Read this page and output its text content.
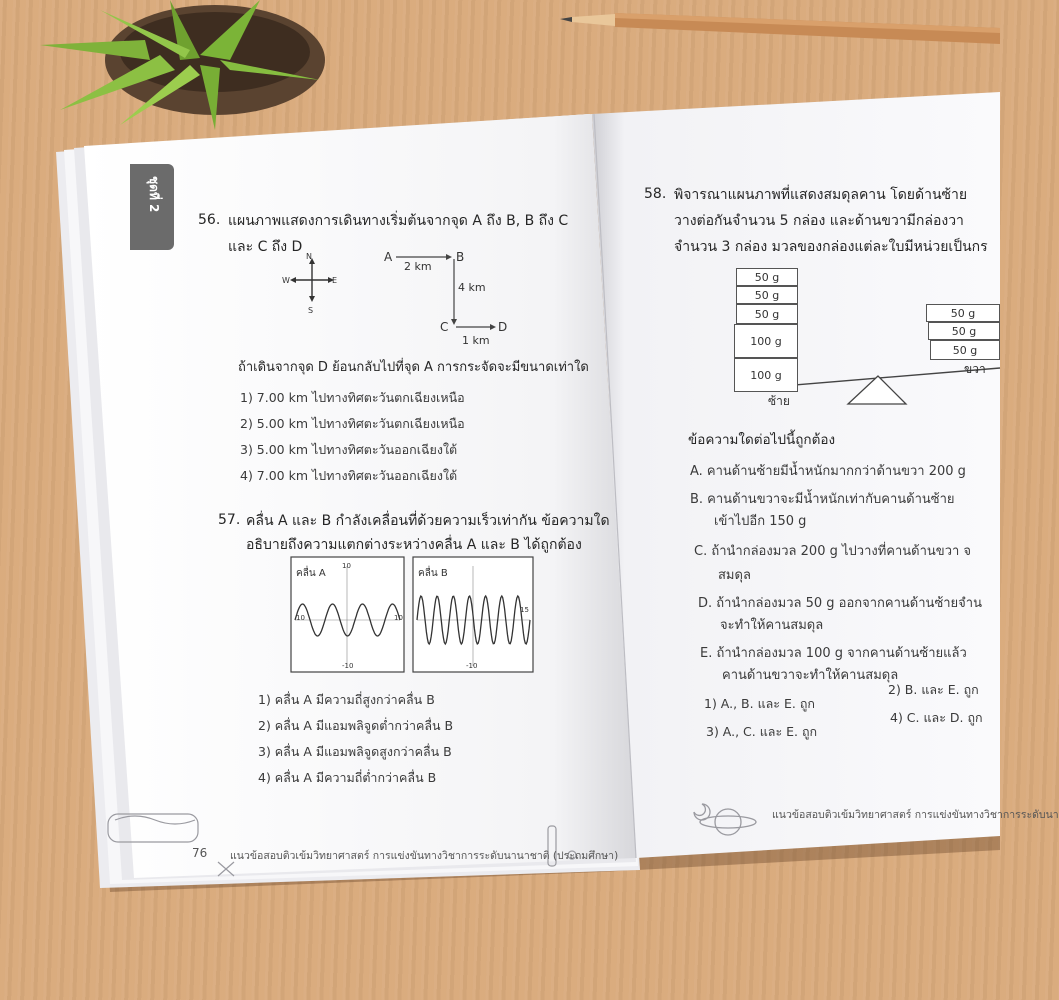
ชุดที่ 2
56. แผนภาพแสดงการเดินทางเริ่มต้นจากจุด A ถึง B, B ถึง C
และ C ถึง D
N
S
E
W
A	B
C	D
2 km
4 km
1 km
ถ้าเดินจากจุด D ย้อนกลับไปที่จุด A การกระจัดจะมีขนาดเท่าใด
1) 7.00 km ไปทางทิศตะวันตกเฉียงเหนือ
2) 5.00 km ไปทางทิศตะวันตกเฉียงเหนือ
3) 5.00 km ไปทางทิศตะวันออกเฉียงใต้
4) 7.00 km ไปทางทิศตะวันออกเฉียงใต้
57. คลื่น A และ B กำลังเคลื่อนที่ด้วยความเร็วเท่ากัน ข้อความใด
อธิบายถึงความแตกต่างระหว่างคลื่น A และ B ได้ถูกต้อง
คลื่น A	คลื่น B
10
-10
10	10
-10
15
1) คลื่น A มีความถี่สูงกว่าคลื่น B
2) คลื่น A มีแอมพลิจูดต่ำกว่าคลื่น B
3) คลื่น A มีแอมพลิจูดสูงกว่าคลื่น B
4) คลื่น A มีความถี่ต่ำกว่าคลื่น B
76 แนวข้อสอบติวเข้มวิทยาศาสตร์ การแข่งขันทางวิชาการระดับนานาชาติ (ประถมศึกษา)
58. พิจารณาแผนภาพที่แสดงสมดุลคาน โดยด้านซ้าย
วางต่อกันจำนวน 5 กล่อง และด้านขวามีกล่องวา
จำนวน 3 กล่อง มวลของกล่องแต่ละใบมีหน่วยเป็นกร
50 g
50 g
50 g
100 g
100 g
50 g
50 g
50 g
ซ้าย
ขวา
ข้อความใดต่อไปนี้ถูกต้อง
A. คานด้านซ้ายมีน้ำหนักมากกว่าด้านขวา 200 g
B. คานด้านขวาจะมีน้ำหนักเท่ากับคานด้านซ้าย
เข้าไปอีก 150 g
C. ถ้านำกล่องมวล 200 g ไปวางที่คานด้านขวา จ
สมดุล
D. ถ้านำกล่องมวล 50 g ออกจากคานด้านซ้ายจำน
จะทำให้คานสมดุล
E. ถ้านำกล่องมวล 100 g จากคานด้านซ้ายแล้ว
คานด้านขวาจะทำให้คานสมดุล
1) A., B. และ E. ถูก
2) B. และ E. ถูก
3) A., C. และ E. ถูก
4) C. และ D. ถูก
แนวข้อสอบติวเข้มวิทยาศาสตร์ การแข่งขันทางวิชาการระดับนา
